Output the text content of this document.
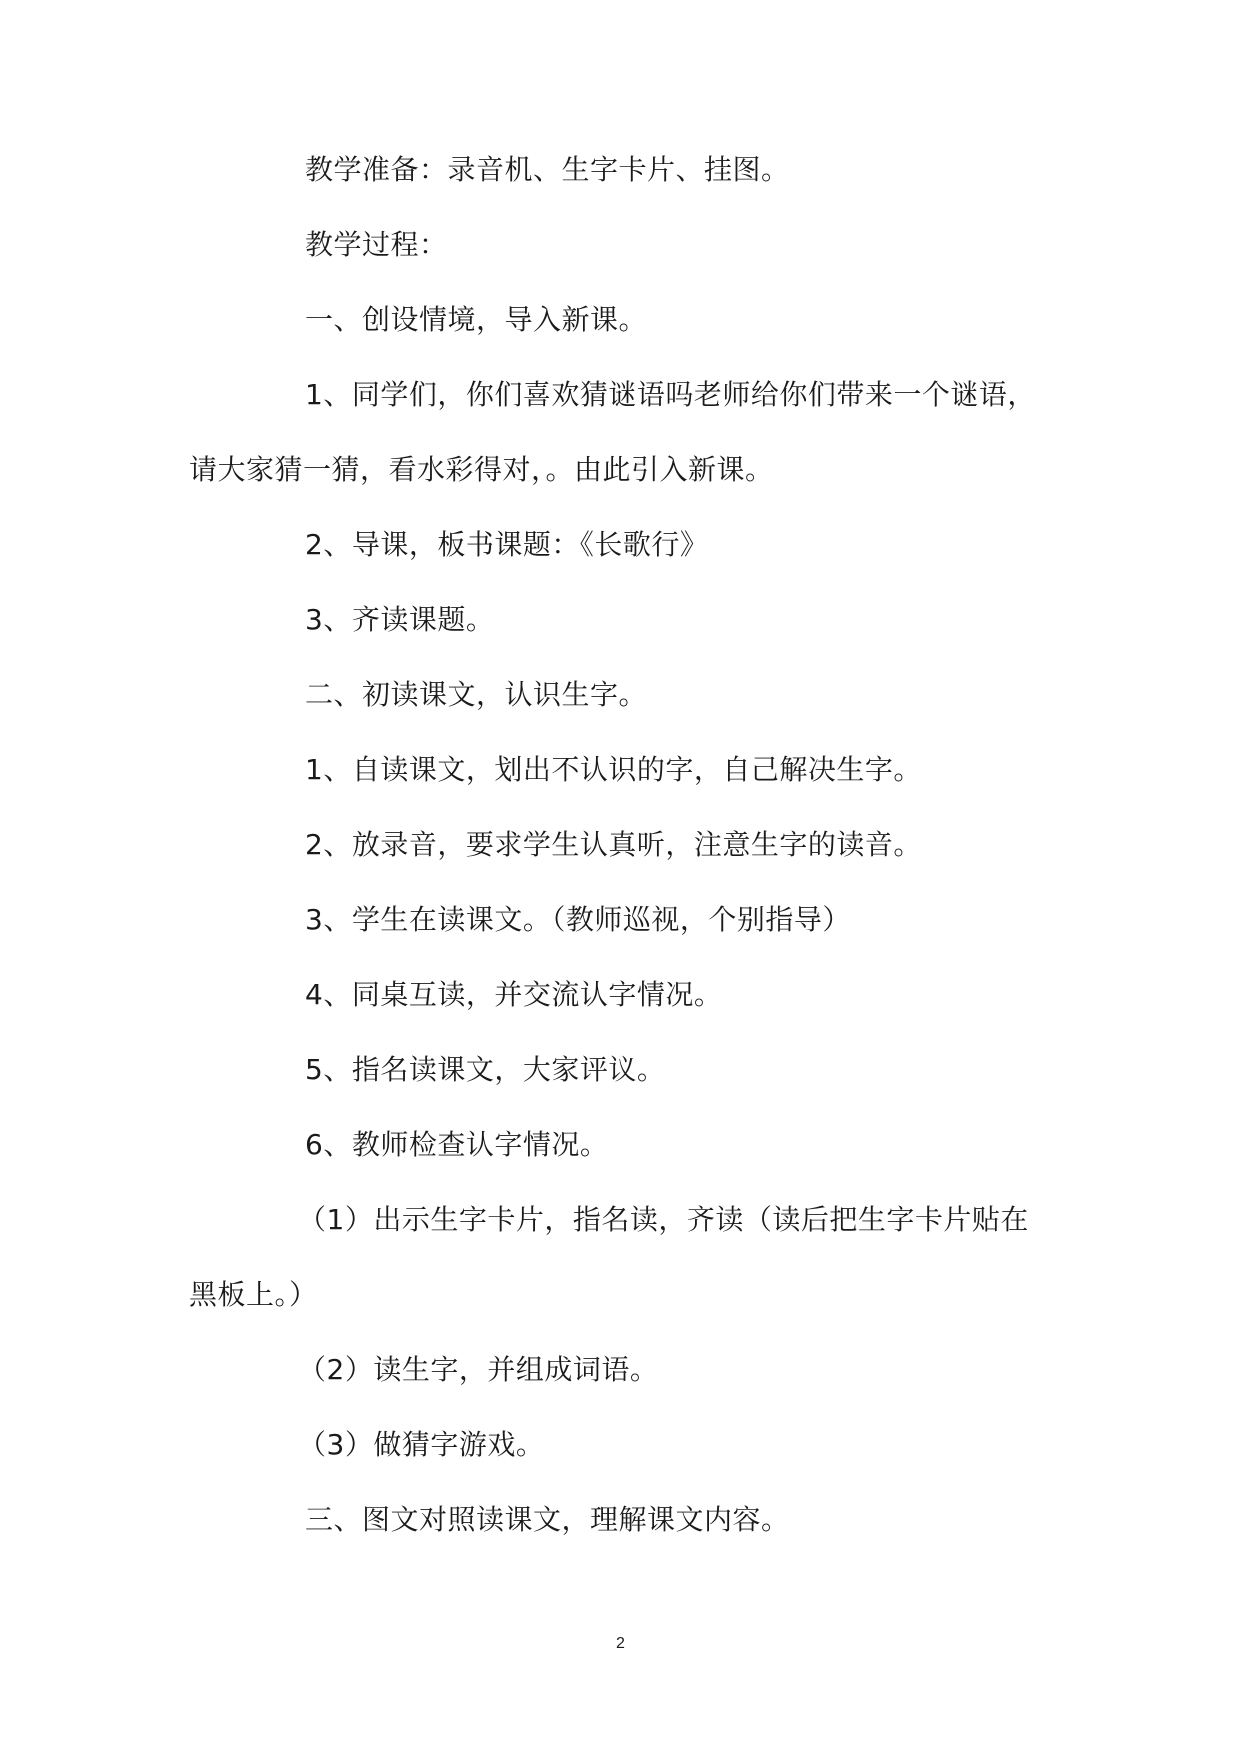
教学准备：录音机、生字卡片、挂图。
教学过程：
一、创设情境，导入新课。
1、同学们，你们喜欢猜谜语吗老师给你们带来一个谜语，
请大家猜一猜，看水彩得对，。由此引入新课。
2、导课，板书课题：《长歌行》
3、齐读课题。
二、初读课文，认识生字。
1、自读课文，划出不认识的字，自己解决生字。
2、放录音，要求学生认真听，注意生字的读音。
3、学生在读课文。（教师巡视，个别指导）
4、同桌互读，并交流认字情况。
5、指名读课文，大家评议。
6、教师检查认字情况。
（1）出示生字卡片，指名读，齐读（读后把生字卡片贴在
黑板上。）
（2）读生字，并组成词语。
（3）做猜字游戏。
三、图文对照读课文，理解课文内容。
2
